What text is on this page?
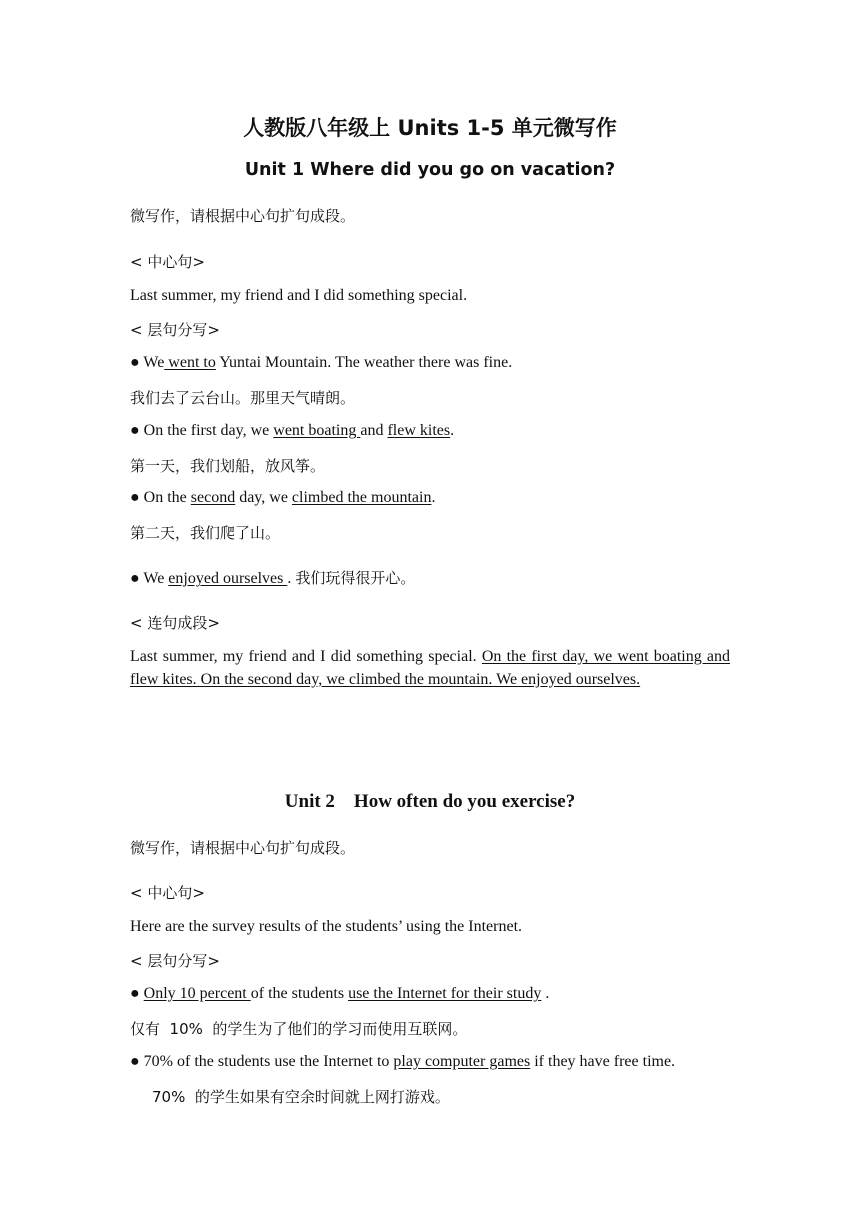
人教版八年级上 Units 1-5 单元微写作
Unit 1 Where did you go on vacation?
微写作，请根据中心句扩句成段。
< 中心句>
Last summer, my friend and I did something special.
< 层句分写>
● We went to Yuntai Mountain. The weather there was fine.
我们去了云台山。那里天气晴朗。
● On the first day, we went boating and flew kites.
第一天，我们划船，放风筝。
● On the second day, we climbed the mountain.
第二天，我们爬了山。
● We enjoyed ourselves . 我们玩得很开心。
< 连句成段>
Last summer, my friend and I did something special. On the first day, we went boating and flew kites. On the second day, we climbed the mountain. We enjoyed ourselves.
Unit 2    How often do you exercise?
微写作，请根据中心句扩句成段。
< 中心句>
Here are the survey results of the students’ using the Internet.
< 层句分写>
● Only 10 percent of the students use the Internet for their study .
仅有  10%  的学生为了他们的学习而使用互联网。
● 70% of the students use the Internet to play computer games if they have free time.
70%  的学生如果有空余时间就上网打游戏。
